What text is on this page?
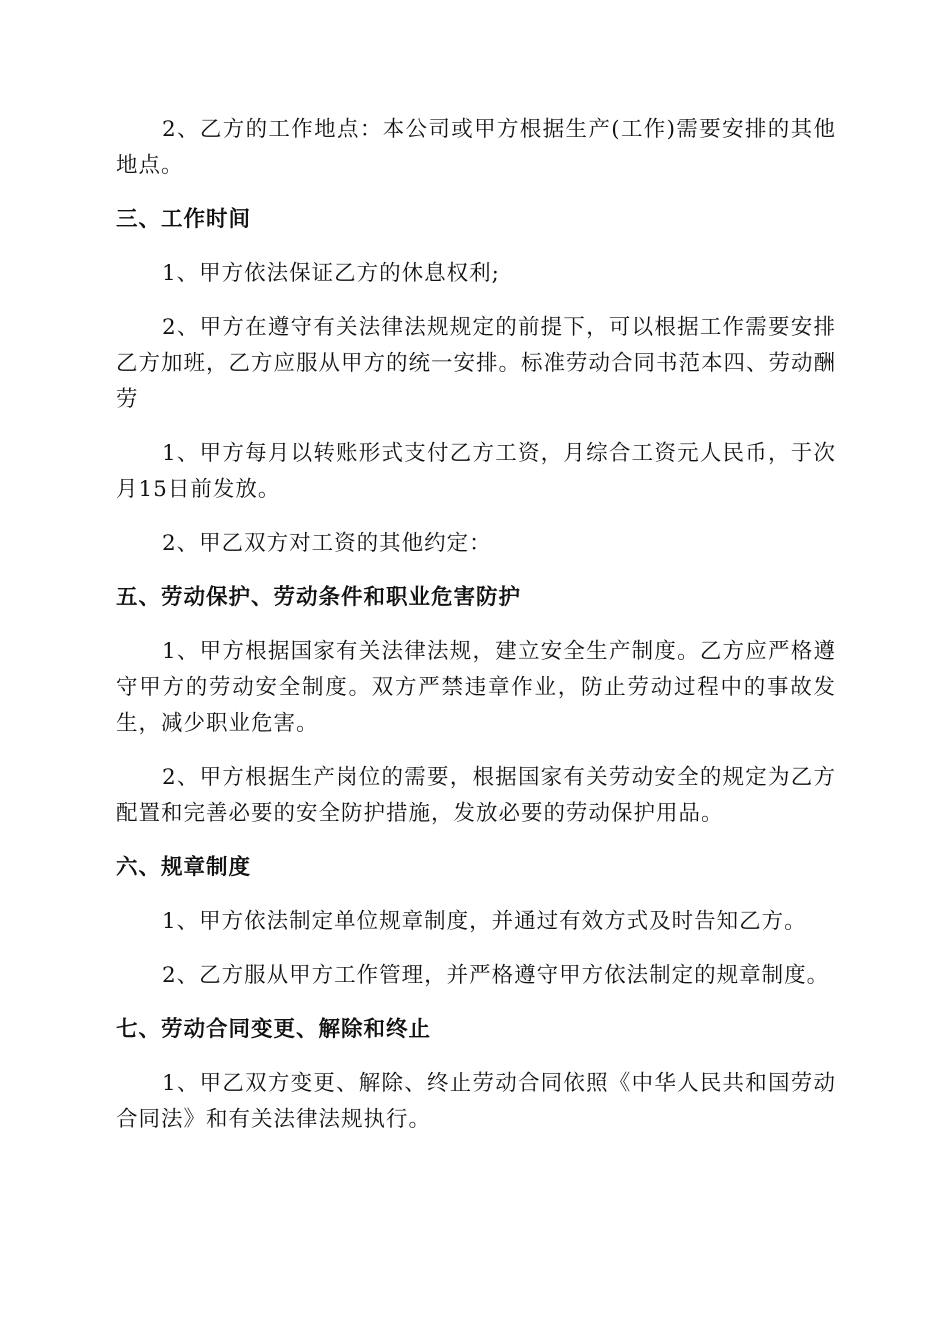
2、乙方的工作地点：本公司或甲方根据生产(工作)需要安排的其他地点。

三、工作时间

1、甲方依法保证乙方的休息权利;

2、甲方在遵守有关法律法规规定的前提下，可以根据工作需要安排乙方加班，乙方应服从甲方的统一安排。标准劳动合同书范本四、劳动酬劳

1、甲方每月以转账形式支付乙方工资，月综合工资元人民币，于次月15日前发放。

2、甲乙双方对工资的其他约定：

五、劳动保护、劳动条件和职业危害防护

1、甲方根据国家有关法律法规，建立安全生产制度。乙方应严格遵守甲方的劳动安全制度。双方严禁违章作业，防止劳动过程中的事故发生，减少职业危害。

2、甲方根据生产岗位的需要，根据国家有关劳动安全的规定为乙方配置和完善必要的安全防护措施，发放必要的劳动保护用品。

六、规章制度

1、甲方依法制定单位规章制度，并通过有效方式及时告知乙方。

2、乙方服从甲方工作管理，并严格遵守甲方依法制定的规章制度。

七、劳动合同变更、解除和终止

1、甲乙双方变更、解除、终止劳动合同依照《中华人民共和国劳动合同法》和有关法律法规执行。
